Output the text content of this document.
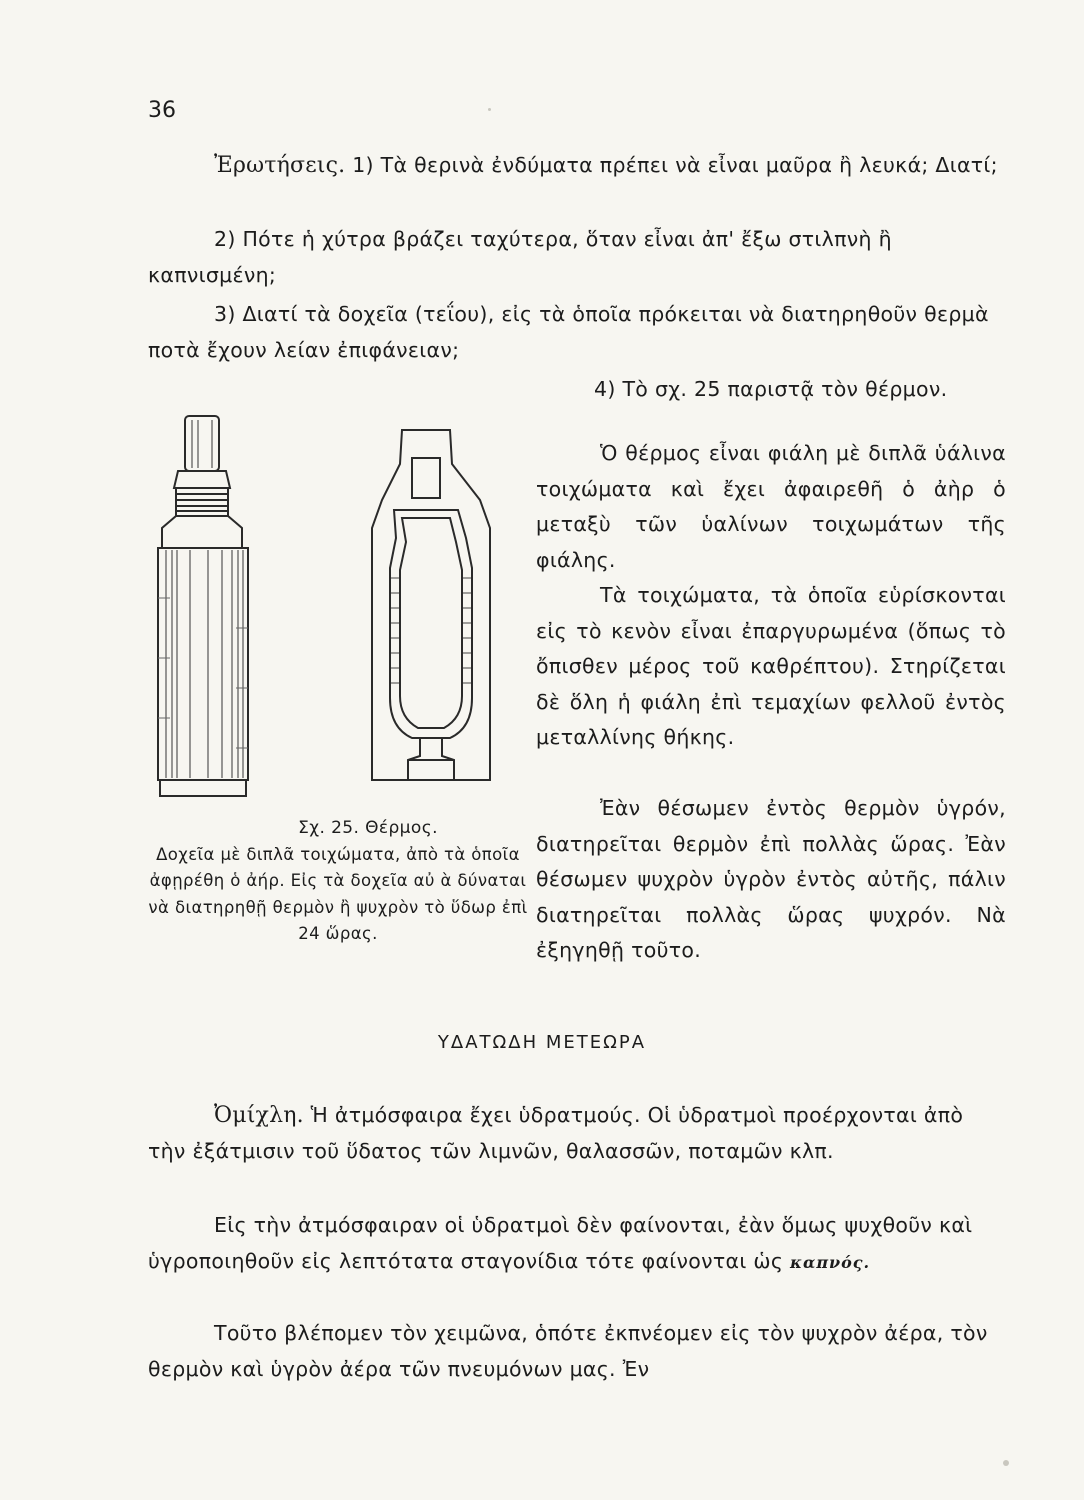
36

Ἐρωτήσεις. 1) Τὰ θερινὰ ἐνδύματα πρέπει νὰ εἶναι μαῦρα ἢ λευκά; Διατί;

2) Πότε ἡ χύτρα βράζει ταχύτερα, ὅταν εἶναι ἀπ' ἔξω στιλπνὴ ἢ καπνισμένη;

3) Διατί τὰ δοχεῖα (τεΐου), εἰς τὰ ὁποῖα πρόκειται νὰ διατηρηθοῦν θερμὰ ποτὰ ἔχουν λείαν ἐπιφάνειαν;

4) Τὸ σχ. 25 παριστᾷ τὸν θέρμον.

Ὁ θέρμος εἶναι φιάλη μὲ διπλᾶ ὑάλινα τοιχώματα καὶ ἔχει ἀφαιρεθῆ ὁ ἀὴρ ὁ μεταξὺ τῶν ὑαλίνων τοιχωμάτων τῆς φιάλης.

Τὰ τοιχώματα, τὰ ὁποῖα εὑρίσκονται εἰς τὸ κενὸν εἶναι ἐπαργυρωμένα (ὅπως τὸ ὄπισθεν μέρος τοῦ καθρέπτου). Στηρίζεται δὲ ὅλη ἡ φιάλη ἐπὶ τεμαχίων φελλοῦ ἐντὸς μεταλλίνης θήκης.

Ἐὰν θέσωμεν ἐντὸς θερμὸν ὑγρόν, διατηρεῖται θερμὸν ἐπὶ πολλὰς ὥρας. Ἐὰν θέσωμεν ψυχρὸν ὑγρὸν ἐντὸς αὐτῆς, πάλιν διατηρεῖται πολλὰς ὥρας ψυχρόν. Νὰ ἐξηγηθῇ τοῦτο.

Σχ. 25. Θέρμος.
Δοχεῖα μὲ διπλᾶ τοιχώματα, ἀπὸ τὰ ὁποῖα ἀφῃρέθη ὁ ἀήρ. Εἰς τὰ δοχεῖα αὐ ὰ δύναται νὰ διατηρηθῇ θερμὸν ἢ ψυχρὸν τὸ ὕδωρ ἐπὶ 24 ὥρας.
ΥΔΑΤΩΔΗ ΜΕΤΕΩΡΑ

Ὀμίχλη. Ἡ ἀτμόσφαιρα ἔχει ὑδρατμούς. Οἱ ὑδρατμοὶ προέρχονται ἀπὸ τὴν ἐξάτμισιν τοῦ ὕδατος τῶν λιμνῶν, θαλασσῶν, ποταμῶν κλπ.

Εἰς τὴν ἀτμόσφαιραν οἱ ὑδρατμοὶ δὲν φαίνονται, ἐὰν ὅμως ψυχθοῦν καὶ ὑγροποιηθοῦν εἰς λεπτότατα σταγονίδια τότε φαίνονται ὡς καπνός.

Τοῦτο βλέπομεν τὸν χειμῶνα, ὁπότε ἐκπνέομεν εἰς τὸν ψυχρὸν ἀέρα, τὸν θερμὸν καὶ ὑγρὸν ἀέρα τῶν πνευμόνων μας. Ἐν
